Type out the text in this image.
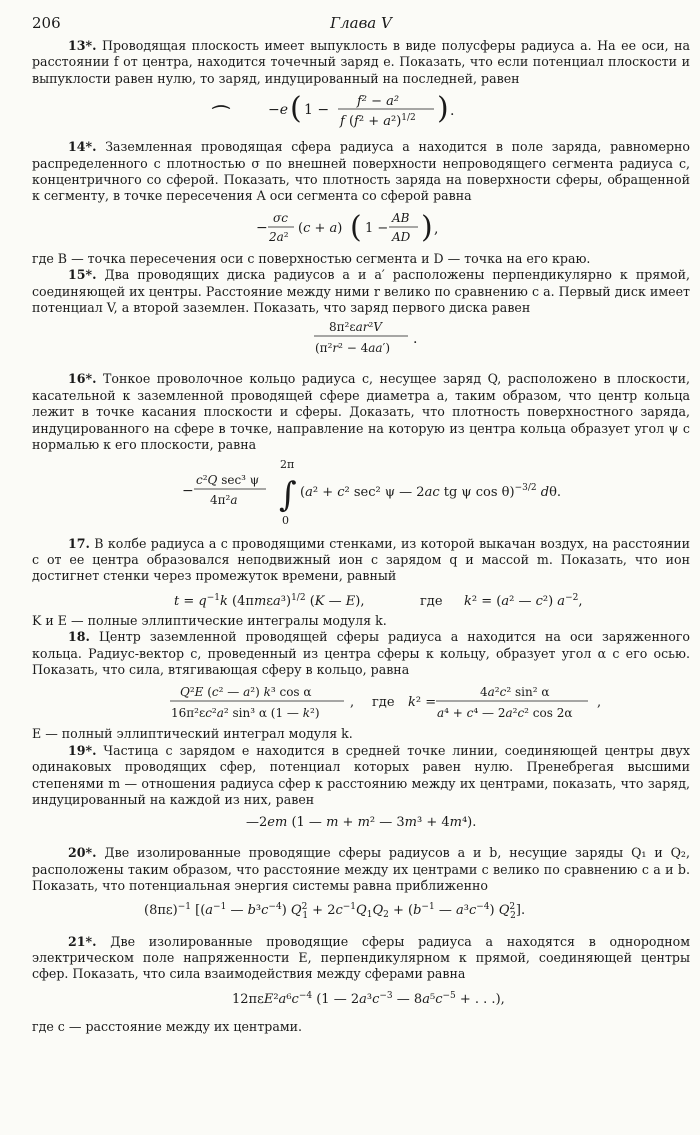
206	Глава V

13*. Проводящая плоскость имеет выпуклость в виде полусферы радиуса a. На ее оси, на расстоянии f от центра, находится точечный заряд e. Показать, что если потенциал плоскости и выпуклости равен нулю, то заряд, индуцированный на последней, равен

⌒	−e ( 1 −
f² − a²
f $(f^2 + a^2)^{1/2}$ ) .

14*. Заземленная проводящая сфера радиуса a находится в поле заряда, равномерно распределенного с плотностью σ по внешней поверхности непроводящего сегмента радиуса c, концентричного со сферой. Показать, что плотность заряда на поверхности сферы, обращенной к сегменту, в точке пересечения A оси сегмента со сферой равна

−
σc
2a²
(c + a) ( 1 −
AB
AD ) ,

где B — точка пересечения оси с поверхностью сегмента и D — точка на его краю.

15*. Два проводящих диска радиусов a и a′ расположены перпендикулярно к прямой, соединяющей их центры. Расстояние между ними r велико по сравнению с a. Первый диск имеет потенциал V, а второй заземлен. Показать, что заряд первого диска равен

8π²εar²V
(π²r² − 4aa′)
.

16*. Тонкое проволочное кольцо радиуса c, несущее заряд Q, расположено в плоскости, касательной к заземленной проводящей сфере диаметра a, таким образом, что центр кольца лежит в точке касания плоскости и сферы. Доказать, что плотность поверхностного заряда, индуцированного на сфере в точке, направление на которую из центра кольца образует угол ψ с нормалью к его плоскости, равна

−
c²Q sec³ ψ
4π²a
2π
∫
0
(a² + c² sec² ψ — 2ac tg ψ cos θ)$^{-3/2}$ dθ.

17. В колбе радиуса a с проводящими стенками, из которой выкачан воздух, на расстоянии c от ее центра образовался неподвижный ион с зарядом q и массой m. Показать, что ион достигнет стенки через промежуток времени, равный

$t = q^{-1}k$ $(4\pi m\varepsilon a^3)^{1/2}$ (K — E),	где k² = (a² — c²) $a^{-2}$,

K и E — полные эллиптические интегралы модуля k.

18. Центр заземленной проводящей сферы радиуса a находится на оси заряженного кольца. Радиус-вектор c, проведенный из центра сферы к кольцу, образует угол α с его осью. Показать, что сила, втягивающая сферу в кольцо, равна

Q²E (c² — a²) k³ cos α
16π²εc²a² sin³ α (1 — k²)
, где k² =
4a²c² sin² α
a⁴ + c⁴ — 2a²c² cos 2α
,

E — полный эллиптический интеграл модуля k.

19*. Частица с зарядом e находится в средней точке линии, соединяющей центры двух одинаковых проводящих сфер, потенциал которых равен нулю. Пренебрегая высшими степенями m — отношения радиуса сфер к расстоянию между их центрами, показать, что заряд, индуцированный на каждой из них, равен

—2em (1 — m + m² — 3m³ + 4m⁴).

20*. Две изолированные проводящие сферы радиусов a и b, несущие заряды Q₁ и Q₂, расположены таким образом, что расстояние между их центрами c велико по сравнению с a и b. Показать, что потенциальная энергия системы равна приближенно

$(8\pi\varepsilon)^{-1}$ [($a^{-1}$ — $b^3c^{-4}$) $Q^2$ $1 + 2c^{-1}Q_1Q_2 + (b^{-1}$ — $a^3c^{-4}$) $Q^2$ 2].

21*. Две изолированные проводящие сферы радиуса a находятся в однородном электрическом поле напряженности E, перпендикулярном к прямой, соединяющей центры сфер. Показать, что сила взаимодействия между сферами равна

$12\pi\varepsilon E^2a^6c^{-4}$ (1 — $2a^3c^{-3}$ — $8a^5c^{-5}$ + . . .),

где c — расстояние между их центрами.
